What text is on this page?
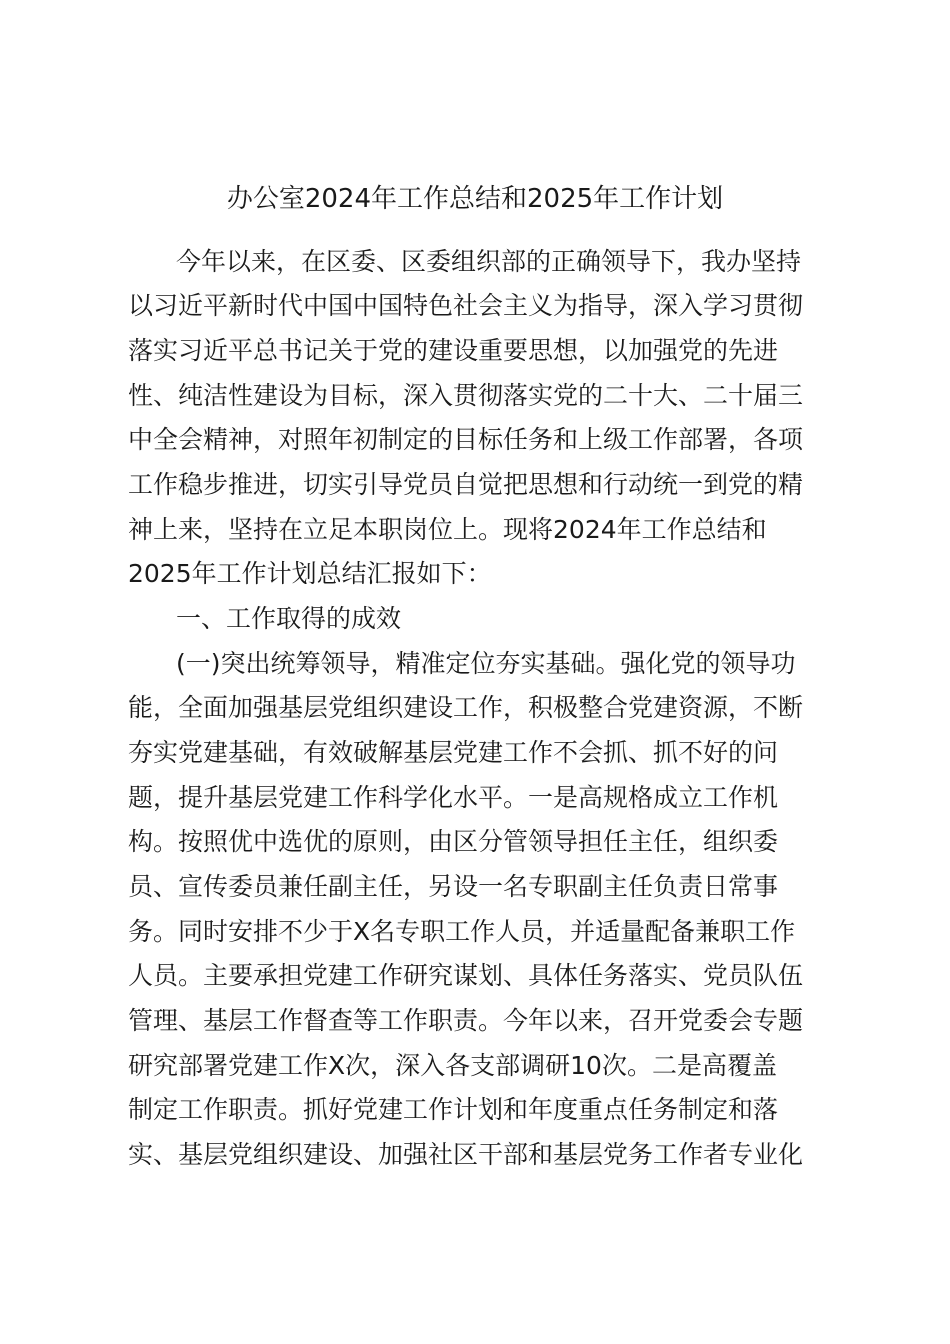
办公室2024年工作总结和2025年工作计划

今年以来，在区委、区委组织部的正确领导下，我办坚持

以习近平新时代中国中国特色社会主义为指导，深入学习贯彻

落实习近平总书记关于党的建设重要思想，以加强党的先进

性、纯洁性建设为目标，深入贯彻落实党的二十大、二十届三

中全会精神，对照年初制定的目标任务和上级工作部署，各项

工作稳步推进，切实引导党员自觉把思想和行动统一到党的精

神上来，坚持在立足本职岗位上。现将2024年工作总结和

2025年工作计划总结汇报如下：

一、工作取得的成效

(一)突出统筹领导，精准定位夯实基础。强化党的领导功

能，全面加强基层党组织建设工作，积极整合党建资源，不断

夯实党建基础，有效破解基层党建工作不会抓、抓不好的问

题，提升基层党建工作科学化水平。一是高规格成立工作机

构。按照优中选优的原则，由区分管领导担任主任，组织委

员、宣传委员兼任副主任，另设一名专职副主任负责日常事

务。同时安排不少于X名专职工作人员，并适量配备兼职工作

人员。主要承担党建工作研究谋划、具体任务落实、党员队伍

管理、基层工作督查等工作职责。今年以来，召开党委会专题

研究部署党建工作X次，深入各支部调研10次。二是高覆盖

制定工作职责。抓好党建工作计划和年度重点任务制定和落

实、基层党组织建设、加强社区干部和基层党务工作者专业化
